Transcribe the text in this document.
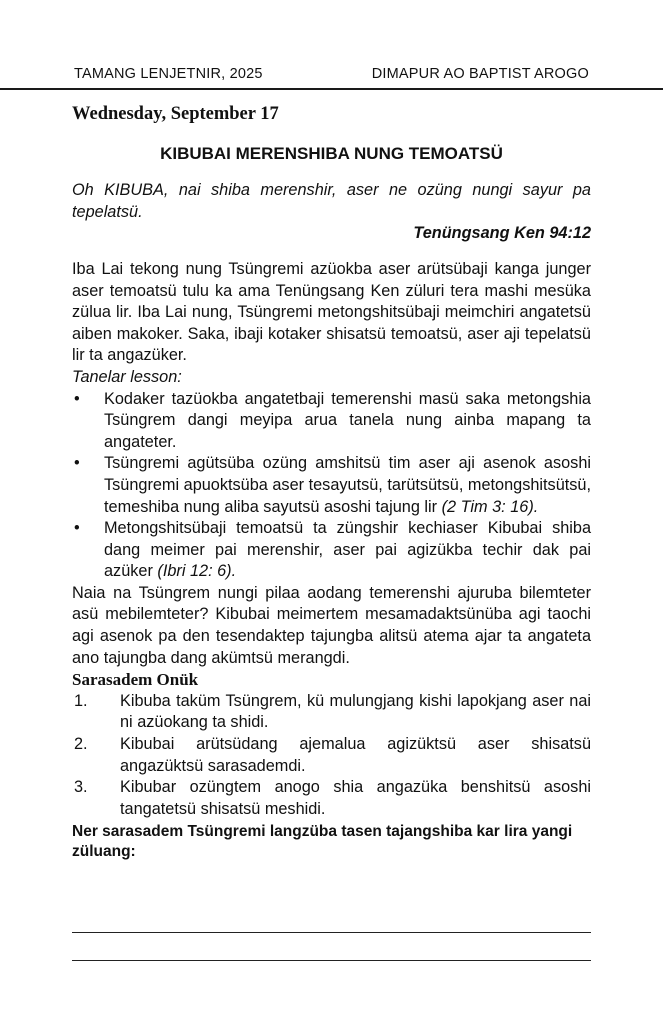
TAMANG LENJETNIR, 2025	DIMAPUR AO BAPTIST AROGO

Wednesday, September 17

KIBUBAI MERENSHIBA NUNG TEMOATSÜ

Oh KIBUBA, nai shiba merenshir, aser ne ozüng nungi sayur pa tepelatsü.

Tenüngsang Ken 94:12

Iba Lai tekong nung Tsüngremi azüokba aser arütsübaji kanga junger aser temoatsü tulu ka ama Tenüngsang Ken züluri tera mashi mesüka zülua lir. Iba Lai nung, Tsüngremi metongshitsübaji meimchiri angatetsü aiben makoker. Saka, ibaji kotaker shisatsü temoatsü, aser aji tepelatsü lir ta angazüker.

Tanelar lesson:

• Kodaker tazüokba angatetbaji temerenshi masü saka metongshia Tsüngrem dangi meyipa arua tanela nung ainba mapang ta angateter.
• Tsüngremi agütsüba ozüng amshitsü tim aser aji asenok asoshi Tsüngremi apuoktsüba aser tesayutsü, tarütsütsü, metongshitsütsü, temeshiba nung aliba sayutsü asoshi tajung lir (2 Tim 3: 16).
• Metongshitsübaji temoatsü ta züngshir kechiaser Kibubai shiba dang meimer pai merenshir, aser pai agizükba techir dak pai azüker (Ibri 12: 6).

Naia na Tsüngrem nungi pilaa aodang temerenshi ajuruba bilemteter asü mebilemteter? Kibubai meimertem mesamadaktsünüba agi taochi agi asenok pa den tesendaktep tajungba alitsü atema ajar ta angateta ano tajungba dang akümtsü merangdi.

Sarasadem Onük

1. Kibuba taküm Tsüngrem, kü mulungjang kishi lapokjang aser nai ni azüokang ta shidi.
2. Kibubai arütsüdang ajemalua agizüktsü aser shisatsü angazüktsü sarasademdi.
3. Kibubar ozüngtem anogo shia angazüka benshitsü asoshi tangatetsü shisatsü meshidi.

Ner sarasadem Tsüngremi langzüba tasen tajangshiba kar lira yangi züluang:
